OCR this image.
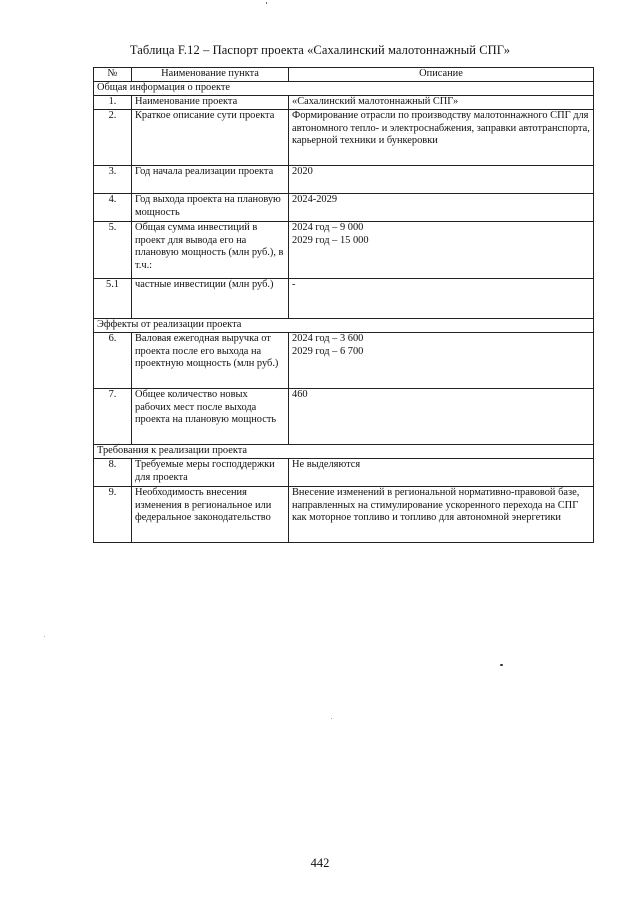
Таблица F.12 – Паспорт проекта «Сахалинский малотоннажный СПГ»
№	Наименование пункта	Описание
Общая информация о проекте		
1.	Наименование проекта	«Сахалинский малотоннажный СПГ»
2.	Краткое описание сути проекта	Формирование отрасли по производству малотоннажного СПГ для автономного тепло- и электроснабжения, заправки автотранспорта, карьерной техники и бункеровки
3.	Год начала реализации проекта	2020
4.	Год выхода проекта на плановую мощность	2024-2029
5.	Общая сумма инвестиций в проект для вывода его на плановую мощность (млн руб.), в т.ч.:	2024 год – 9 000
2029 год – 15 000

5.1	частные инвестиции (млн руб.)	-
Эффекты от реализации проекта		
6.	Валовая ежегодная выручка от проекта после его выхода на проектную мощность (млн руб.)	2024 год – 3 600
2029 год – 6 700

7.	Общее количество новых рабочих мест после выхода проекта на плановую мощность	460
Требования к реализации проекта		
8.	Требуемые меры господдержки для проекта	Не выделяются
9.	Необходимость внесения изменения в региональное или федеральное законодательство	Внесение изменений в региональной нормативно-правовой базе, направленных на стимулирование ускоренного перехода на СПГ как моторное топливо и топливо для автономной энергетики
442
